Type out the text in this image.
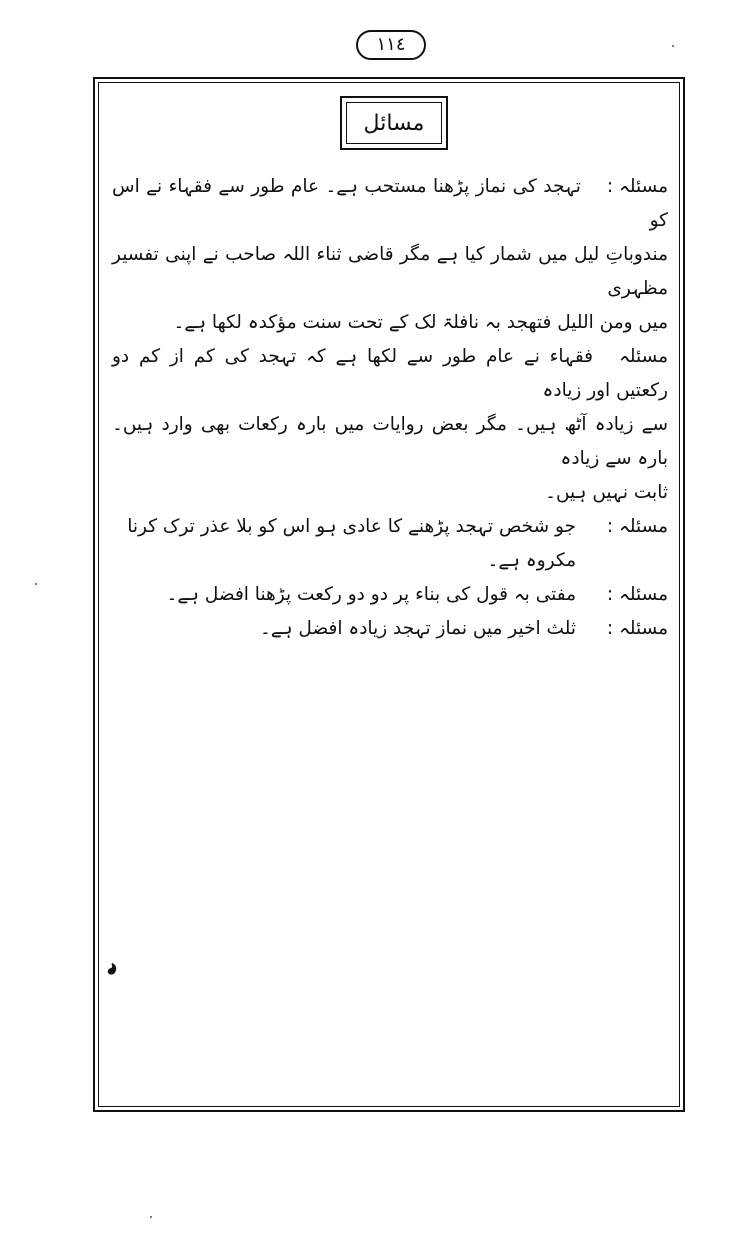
١١٤
مسائل
مسئلہ :تہجد کی نماز پڑھنا مستحب ہے۔ عام طور سے فقہاء نے اس کو
مندوباتِ لیل میں شمار کیا ہے مگر قاضی ثناء اللہ صاحب نے اپنی تفسیر مظہری
میں ومن اللیل فتھجد بہ نافلۃ لک کے تحت سنت مؤکدہ لکھا ہے۔
مسئلہفقہاء نے عام طور سے لکھا ہے کہ تہجد کی کم از کم دو رکعتیں اور زیادہ
سے زیادہ آٹھ ہیں۔ مگر بعض روایات میں بارہ رکعات بھی وارد ہیں۔بارہ سے زیادہ
ثابت نہیں ہیں۔
مسئلہ :
جو شخص تہجد پڑھنے کا عادی ہو اس کو بلا عذر ترک کرنا مکروہ ہے۔
مسئلہ :
مفتی بہ قول کی بناء پر دو دو رکعت پڑھنا افضل ہے۔
مسئلہ :
ثلث اخیر میں نماز تہجد زیادہ افضل ہے۔
